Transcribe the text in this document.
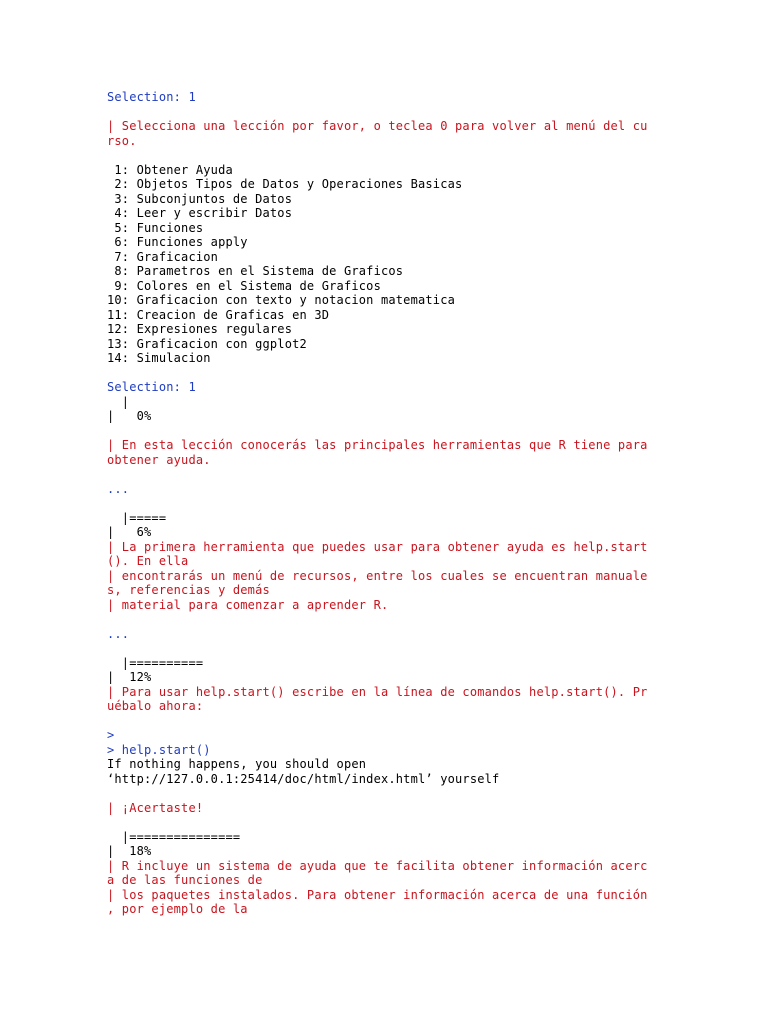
Selection: 1
| Selecciona una lección por favor, o teclea 0 para volver al menú del cu
rso.
1: Obtener Ayuda
2: Objetos Tipos de Datos y Operaciones Basicas
3: Subconjuntos de Datos
4: Leer y escribir Datos
5: Funciones
6: Funciones apply
7: Graficacion
8: Parametros en el Sistema de Graficos
9: Colores en el Sistema de Graficos
10: Graficacion con texto y notacion matematica
11: Creacion de Graficas en 3D
12: Expresiones regulares
13: Graficacion con ggplot2
14: Simulacion
Selection: 1
|
|   0%
| En esta lección conocerás las principales herramientas que R tiene para
obtener ayuda.
...
|=====
|   6%
| La primera herramienta que puedes usar para obtener ayuda es help.start
(). En ella
| encontrarás un menú de recursos, entre los cuales se encuentran manuale
s, referencias y demás
| material para comenzar a aprender R.
...
|==========
|  12%
| Para usar help.start() escribe en la línea de comandos help.start(). Pr
uébalo ahora:
>
> help.start()
If nothing happens, you should open
‘http://127.0.0.1:25414/doc/html/index.html’ yourself
| ¡Acertaste!
|===============
|  18%
| R incluye un sistema de ayuda que te facilita obtener información acerc
a de las funciones de
| los paquetes instalados. Para obtener información acerca de una función
, por ejemplo de la
